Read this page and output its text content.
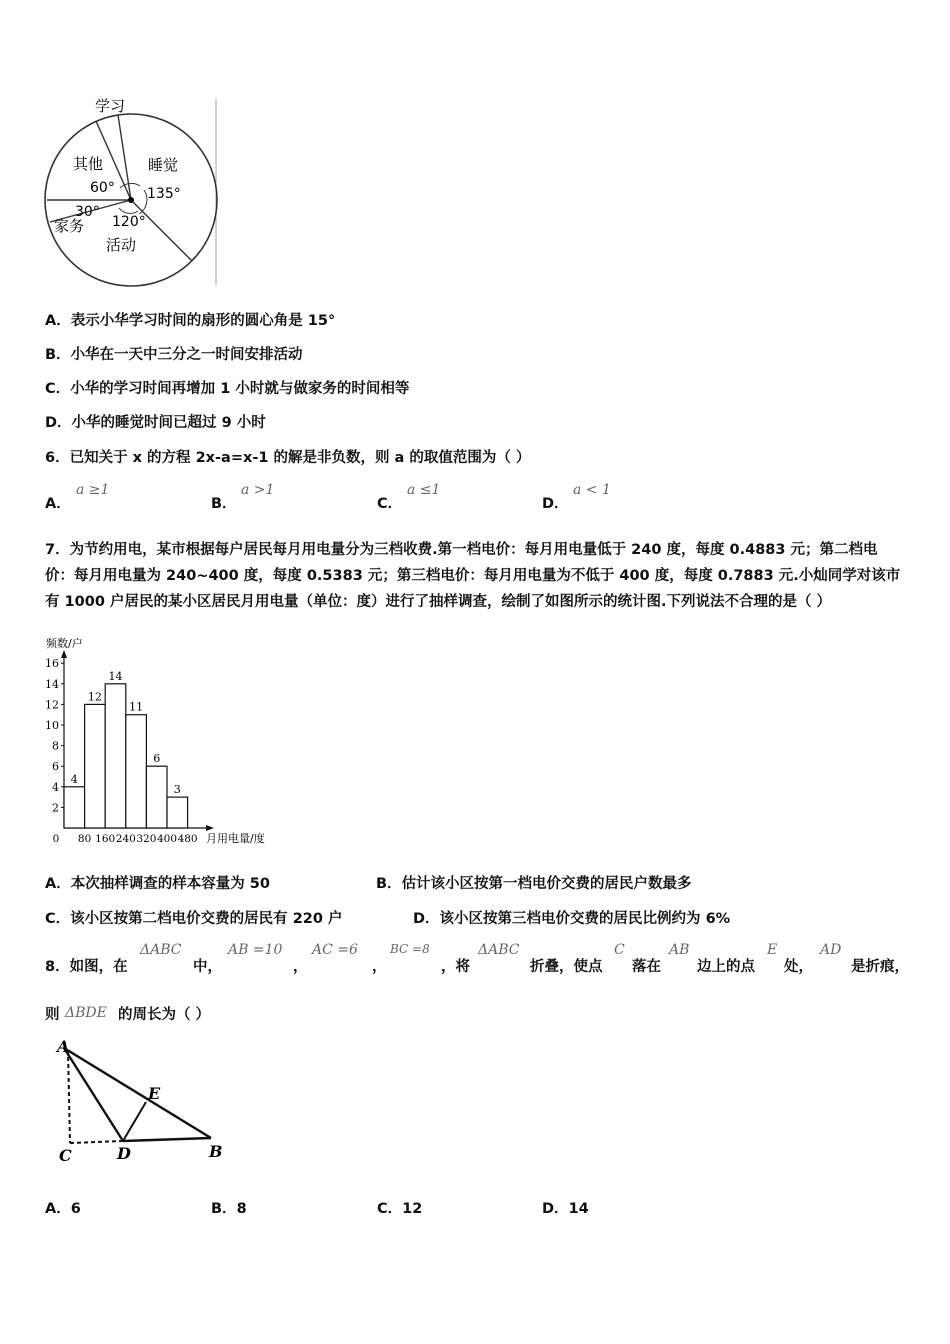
学习
其他
60°
睡觉
135°
30°
家务 120°
活动
A．表示小华学习时间的扇形的圆心角是 15°
B．小华在一天中三分之一时间安排活动
C．小华的学习时间再增加 1 小时就与做家务的时间相等
D．小华的睡觉时间已超过 9 小时
6．已知关于 x 的方程 2x-a=x-1 的解是非负数，则 a 的取值范围为（ ）
A．
a ≥1
B．
a >1
C．
a ≤1
D．
a < 1
7．为节约用电，某市根据每户居民每月用电量分为三档收费.第一档电价：每月用电量低于 240 度，每度 0.4883 元；第二档电价：每月用电量为 240~400 度，每度 0.5383 元；第三档电价：每月用电量为不低于 400 度，每度 0.7883 元.小灿同学对该市有 1000 户居民的某小区居民月用电量（单位：度）进行了抽样调查，绘制了如图所示的统计图.下列说法不合理的是（ ）
频数/户
月用电量/度
2
4
6
8
10
12
14
16
0 80 160 240 320 400 480
4
12
14
11
6
3
A．本次抽样调查的样本容量为 50	B．估计该小区按第一档电价交费的居民户数最多
C．该小区按第二档电价交费的居民有 220 户	D．该小区按第三档电价交费的居民比例约为 6%
8．如图，在
ΔABC
中，
AB =10
，
AC =6
，
BC =8
，将
ΔABC
折叠，使点
C
落在
AB
边上的点
E
处，
AD
是折痕，
则 ΔBDE 的周长为（ ）
A
E
C	D	B
A．6	B．8	C．12	D．14
